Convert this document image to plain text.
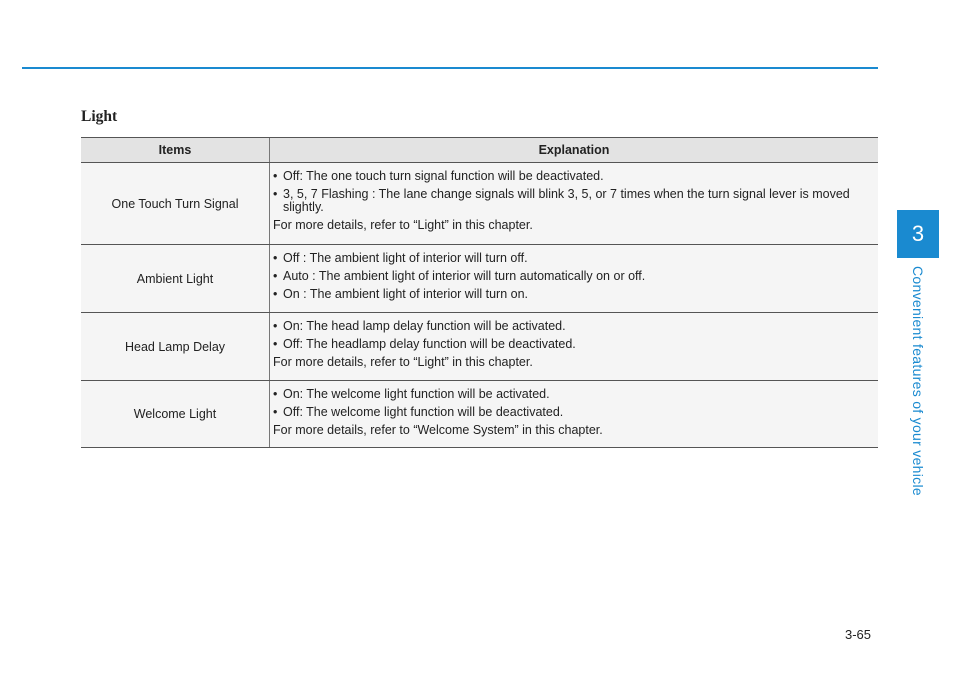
Light
Items	Explanation
One Touch Turn Signal
• Off: The one touch turn signal function will be deactivated.
• 3, 5, 7 Flashing : The lane change signals will blink 3, 5, or 7 times when the turn signal lever is moved slightly.
For more details, refer to “Light” in this chapter.
Ambient Light
• Off : The ambient light of interior will turn off.
• Auto : The ambient light of interior will turn automatically on or off.
• On : The ambient light of interior will turn on.
Head Lamp Delay
• On: The head lamp delay function will be activated.
• Off: The headlamp delay function will be deactivated.
For more details, refer to “Light” in this chapter.
Welcome Light
• On: The welcome light function will be activated.
• Off: The welcome light function will be deactivated.
For more details, refer to “Welcome System” in this chapter.
3
Convenient features of your vehicle
3-65
